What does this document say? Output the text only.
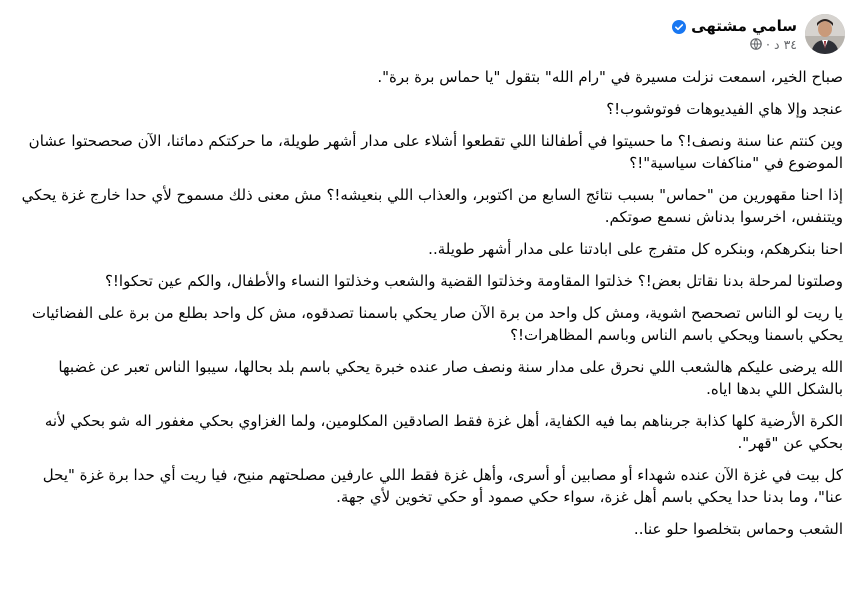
سامي مشتهى
٣٤ د
·

صباح الخير، اسمعت نزلت مسيرة في "رام الله" بتقول "يا حماس برة برة".

عنجد وإلا هاي الفيديوهات فوتوشوب!؟

وين كنتم عنا سنة ونصف!؟ ما حسيتوا في أطفالنا اللي تقطعوا أشلاء على مدار أشهر طويلة، ما حركتكم دمائنا، الآن صحصحتوا عشان الموضوع في "مناكفات سياسية"!؟

إذا احنا مقهورين من "حماس" بسبب نتائج السابع من اكتوبر، والعذاب اللي بنعيشه!؟ مش معنى ذلك مسموح لأي حدا خارج غزة يحكي ويتنفس، اخرسوا بدناش نسمع صوتكم.

احنا بنكرهكم، وبنكره كل متفرج على ابادتنا على مدار أشهر طويلة..

وصلتونا لمرحلة بدنا نقاتل بعض!؟ خذلتوا المقاومة وخذلتوا القضية والشعب وخذلتوا النساء والأطفال، والكم عين تحكوا!؟

يا ريت لو الناس تصحصح اشوية، ومش كل واحد من برة الآن صار يحكي باسمنا تصدقوه، مش كل واحد بطلع من برة على الفضائيات يحكي باسمنا ويحكي باسم الناس وباسم المظاهرات!؟

الله يرضى عليكم هالشعب اللي نحرق على مدار سنة ونصف صار عنده خبرة يحكي باسم بلد بحالها، سيبوا الناس تعبر عن غضبها بالشكل اللي بدها اياه.

الكرة الأرضية كلها كذابة جربناهم بما فيه الكفاية، أهل غزة فقط الصادقين المكلومين، ولما الغزاوي بحكي مغفور اله شو بحكي لأنه بحكي عن "قهر".

كل بيت في غزة الآن عنده شهداء أو مصابين أو أسرى، وأهل غزة فقط اللي عارفين مصلحتهم منيح، فيا ريت أي حدا برة غزة "يحل عنا"، وما بدنا حدا يحكي باسم أهل غزة، سواء حكي صمود أو حكي تخوين لأي جهة.

الشعب وحماس بتخلصوا حلو عنا..
